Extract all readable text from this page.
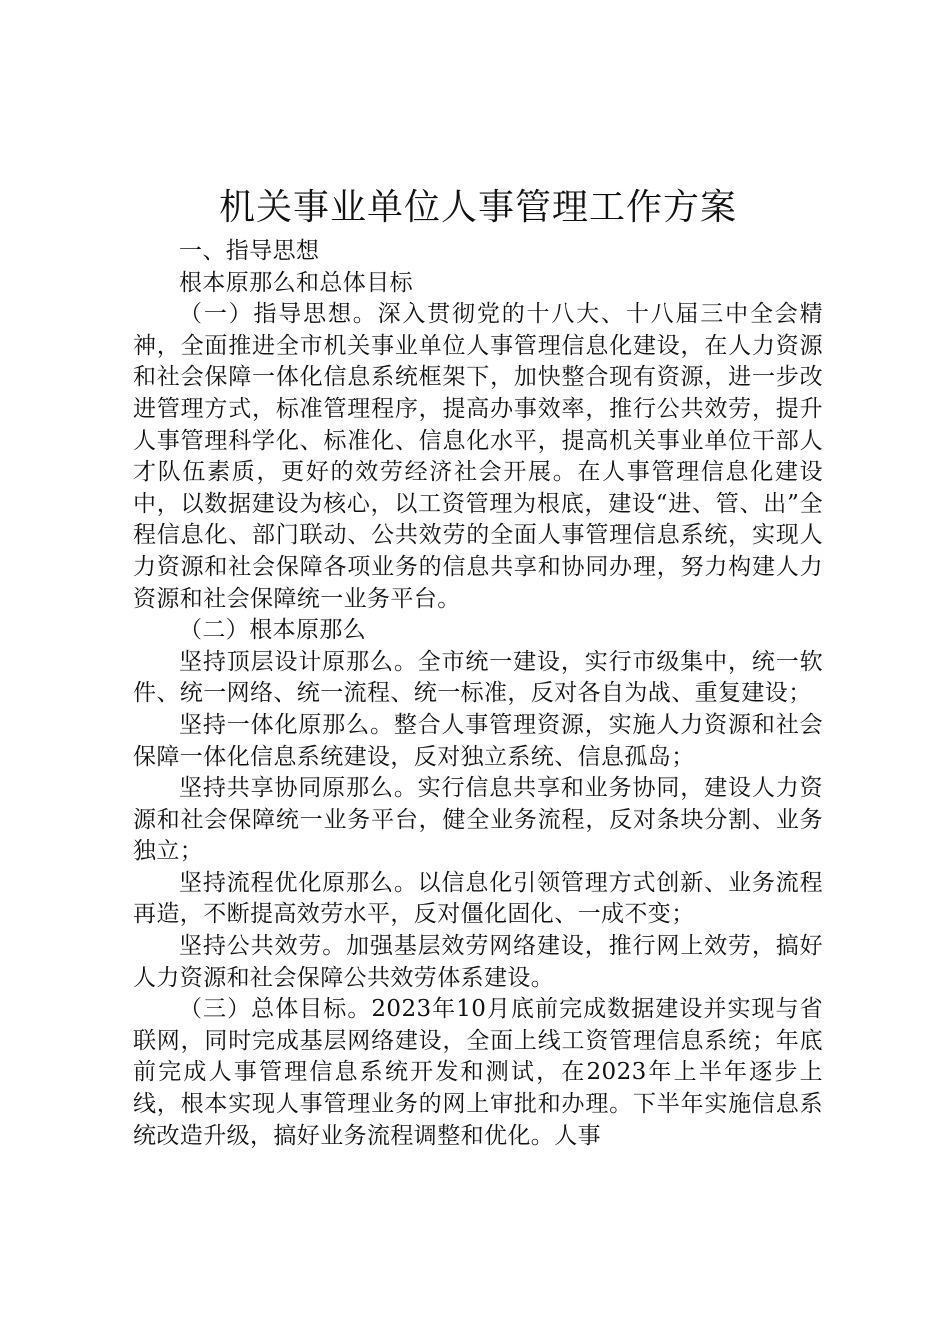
机关事业单位人事管理工作方案

一、指导思想

根本原那么和总体目标

（一）指导思想。深入贯彻党的十八大、十八届三中全会精神，全面推进全市机关事业单位人事管理信息化建设，在人力资源和社会保障一体化信息系统框架下，加快整合现有资源，进一步改进管理方式，标准管理程序，提高办事效率，推行公共效劳，提升人事管理科学化、标准化、信息化水平，提高机关事业单位干部人才队伍素质，更好的效劳经济社会开展。在人事管理信息化建设中，以数据建设为核心，以工资管理为根底，建设“进、管、出”全程信息化、部门联动、公共效劳的全面人事管理信息系统，实现人力资源和社会保障各项业务的信息共享和协同办理，努力构建人力资源和社会保障统一业务平台。

（二）根本原那么

坚持顶层设计原那么。全市统一建设，实行市级集中，统一软件、统一网络、统一流程、统一标准，反对各自为战、重复建设；

坚持一体化原那么。整合人事管理资源，实施人力资源和社会保障一体化信息系统建设，反对独立系统、信息孤岛；

坚持共享协同原那么。实行信息共享和业务协同，建设人力资源和社会保障统一业务平台，健全业务流程，反对条块分割、业务独立；

坚持流程优化原那么。以信息化引领管理方式创新、业务流程再造，不断提高效劳水平，反对僵化固化、一成不变；

坚持公共效劳。加强基层效劳网络建设，推行网上效劳，搞好人力资源和社会保障公共效劳体系建设。

（三）总体目标。2023年10月底前完成数据建设并实现与省联网，同时完成基层网络建设，全面上线工资管理信息系统；年底前完成人事管理信息系统开发和测试，在2023年上半年逐步上线，根本实现人事管理业务的网上审批和办理。下半年实施信息系统改造升级，搞好业务流程调整和优化。人事
